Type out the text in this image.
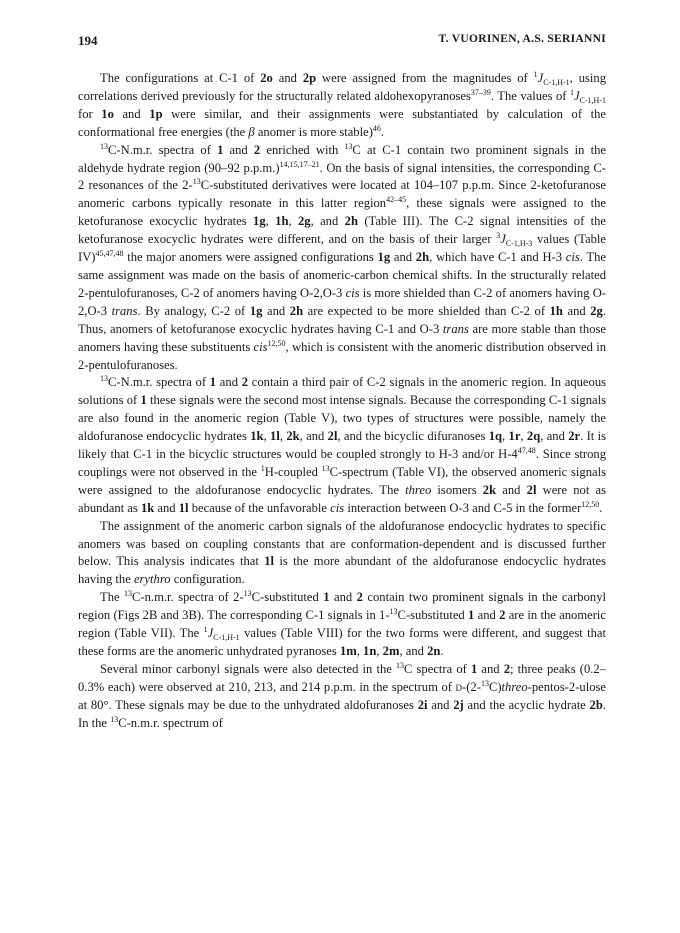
194	T. VUORINEN, A.S. SERIANNI

The configurations at C-1 of 2o and 2p were assigned from the magnitudes of $^1J_{C-1,H-1}$, using correlations derived previously for the structurally related aldohexopyranoses$^{37-39}$. The values of $^1J_{C-1,H-1}$ for 1o and 1p were similar, and their assignments were substantiated by calculation of the conformational free energies (the β anomer is more stable)$^{46}$.

$^{13}$C-N.m.r. spectra of 1 and 2 enriched with $^{13}$C at C-1 contain two prominent signals in the aldehyde hydrate region (90–92 p.p.m.)$^{14,15,17-21}$. On the basis of signal intensities, the corresponding C-2 resonances of the 2-$^{13}$C-substituted derivatives were located at 104–107 p.p.m. Since 2-ketofuranose anomeric carbons typically resonate in this latter region$^{42-45}$, these signals were assigned to the ketofuranose exocyclic hydrates 1g, 1h, 2g, and 2h (Table III). The C-2 signal intensities of the ketofuranose exocyclic hydrates were different, and on the basis of their larger $^3J_{C-1,H-3}$ values (Table IV)$^{45,47,48}$ the major anomers were assigned configurations 1g and 2h, which have C-1 and H-3 cis. The same assignment was made on the basis of anomeric-carbon chemical shifts. In the structurally related 2-pentulofuranoses, C-2 of anomers having O-2,O-3 cis is more shielded than C-2 of anomers having O-2,O-3 trans. By analogy, C-2 of 1g and 2h are expected to be more shielded than C-2 of 1h and 2g. Thus, anomers of ketofuranose exocyclic hydrates having C-1 and O-3 trans are more stable than those anomers having these substituents cis$^{12,50}$, which is consistent with the anomeric distribution observed in 2-pentulofuranoses.

$^{13}$C-N.m.r. spectra of 1 and 2 contain a third pair of C-2 signals in the anomeric region. In aqueous solutions of 1 these signals were the second most intense signals. Because the corresponding C-1 signals are also found in the anomeric region (Table V), two types of structures were possible, namely the aldofuranose endocyclic hydrates 1k, 1l, 2k, and 2l, and the bicyclic difuranoses 1q, 1r, 2q, and 2r. It is likely that C-1 in the bicyclic structures would be coupled strongly to H-3 and/or H-4$^{47,48}$. Since strong couplings were not observed in the $^1$H-coupled $^{13}$C-spectrum (Table VI), the observed anomeric signals were assigned to the aldofuranose endocyclic hydrates. The threo isomers 2k and 2l were not as abundant as 1k and 1l because of the unfavorable cis interaction between O-3 and C-5 in the former$^{12,50}$.

The assignment of the anomeric carbon signals of the aldofuranose endocyclic hydrates to specific anomers was based on coupling constants that are conformation-dependent and is discussed further below. This analysis indicates that 1l is the more abundant of the aldofuranose endocyclic hydrates having the erythro configuration.

The $^{13}$C-n.m.r. spectra of 2-$^{13}$C-substituted 1 and 2 contain two prominent signals in the carbonyl region (Figs 2B and 3B). The corresponding C-1 signals in 1-$^{13}$C-substituted 1 and 2 are in the anomeric region (Table VII). The $^1J_{C-1,H-1}$ values (Table VIII) for the two forms were different, and suggest that these forms are the anomeric unhydrated pyranoses 1m, 1n, 2m, and 2n.

Several minor carbonyl signals were also detected in the $^{13}$C spectra of 1 and 2; three peaks (0.2–0.3% each) were observed at 210, 213, and 214 p.p.m. in the spectrum of d-(2-$^{13}$C)threo-pentos-2-ulose at 80°. These signals may be due to the unhydrated aldofuranoses 2i and 2j and the acyclic hydrate 2b. In the $^{13}$C-n.m.r. spectrum of
